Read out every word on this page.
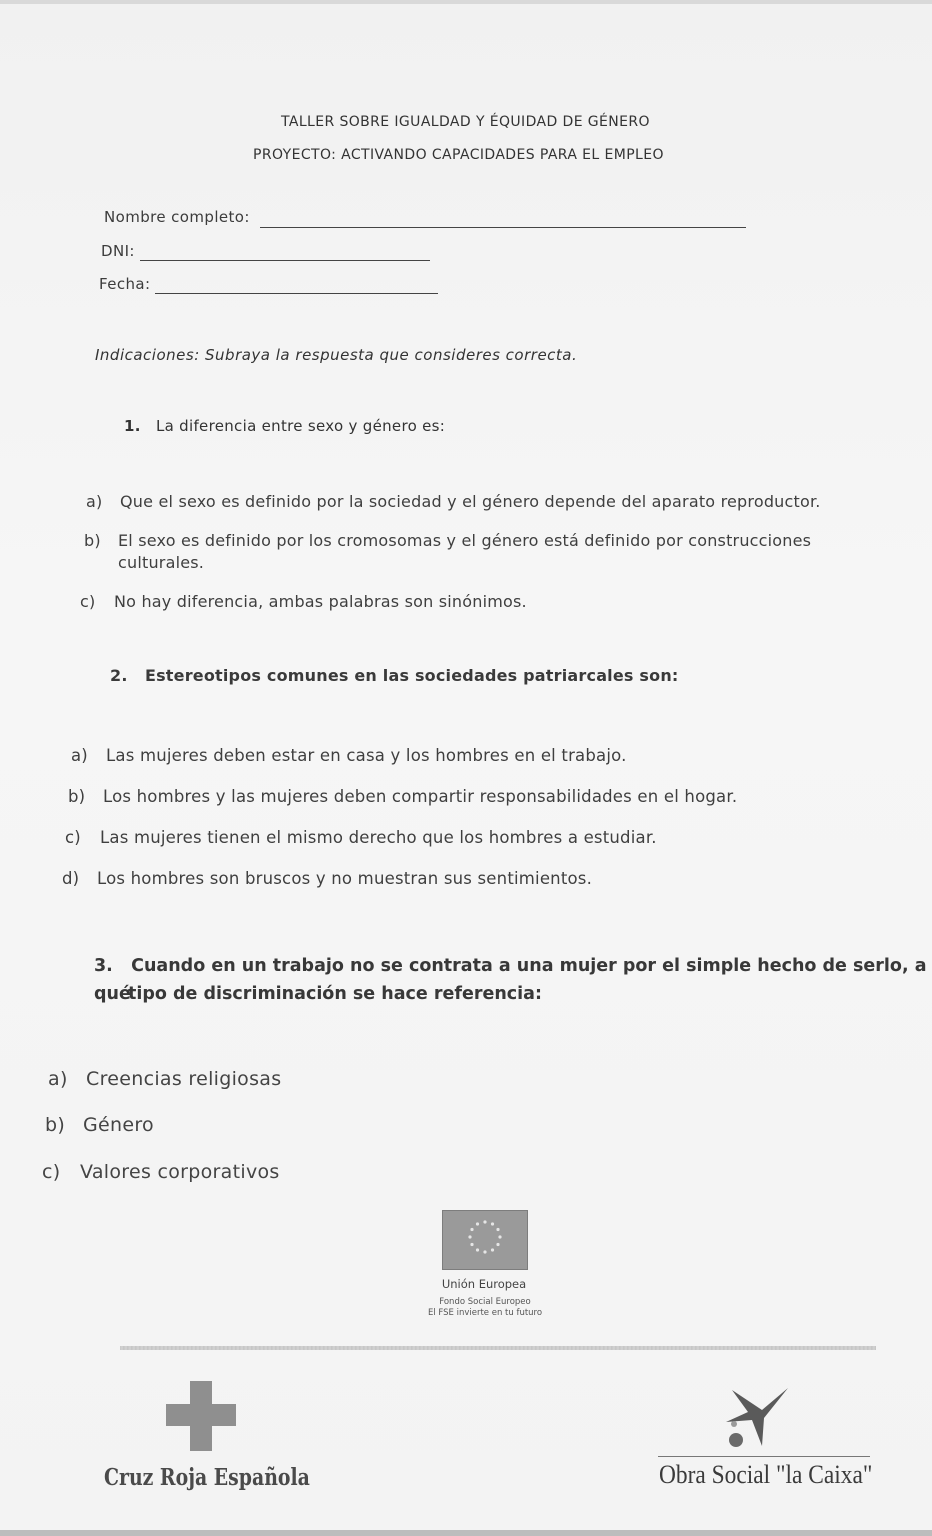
TALLER SOBRE IGUALDAD Y ÉQUIDAD DE GÉNERO
PROYECTO: ACTIVANDO CAPACIDADES PARA EL EMPLEO
Nombre completo:
DNI:
Fecha:
Indicaciones: Subraya la respuesta que consideres correcta.
1. La diferencia entre sexo y género es:
a) Que el sexo es definido por la sociedad y el género depende del aparato reproductor.
b) El sexo es definido por los cromosomas y el género está definido por construcciones
culturales.
c) No hay diferencia, ambas palabras son sinónimos.
2. Estereotipos comunes en las sociedades patriarcales son:
a) Las mujeres deben estar en casa y los hombres en el trabajo.
b) Los hombres y las mujeres deben compartir responsabilidades en el hogar.
c) Las mujeres tienen el mismo derecho que los hombres a estudiar.
d) Los hombres son bruscos y no muestran sus sentimientos.
3. Cuando en un trabajo no se contrata a una mujer por el simple hecho de serlo, a qué
tipo de discriminación se hace referencia:
a) Creencias religiosas
b) Género
c) Valores corporativos
Unión Europea
Fondo Social Europeo
El FSE invierte en tu futuro
Cruz Roja Española	Obra Social "la Caixa"
